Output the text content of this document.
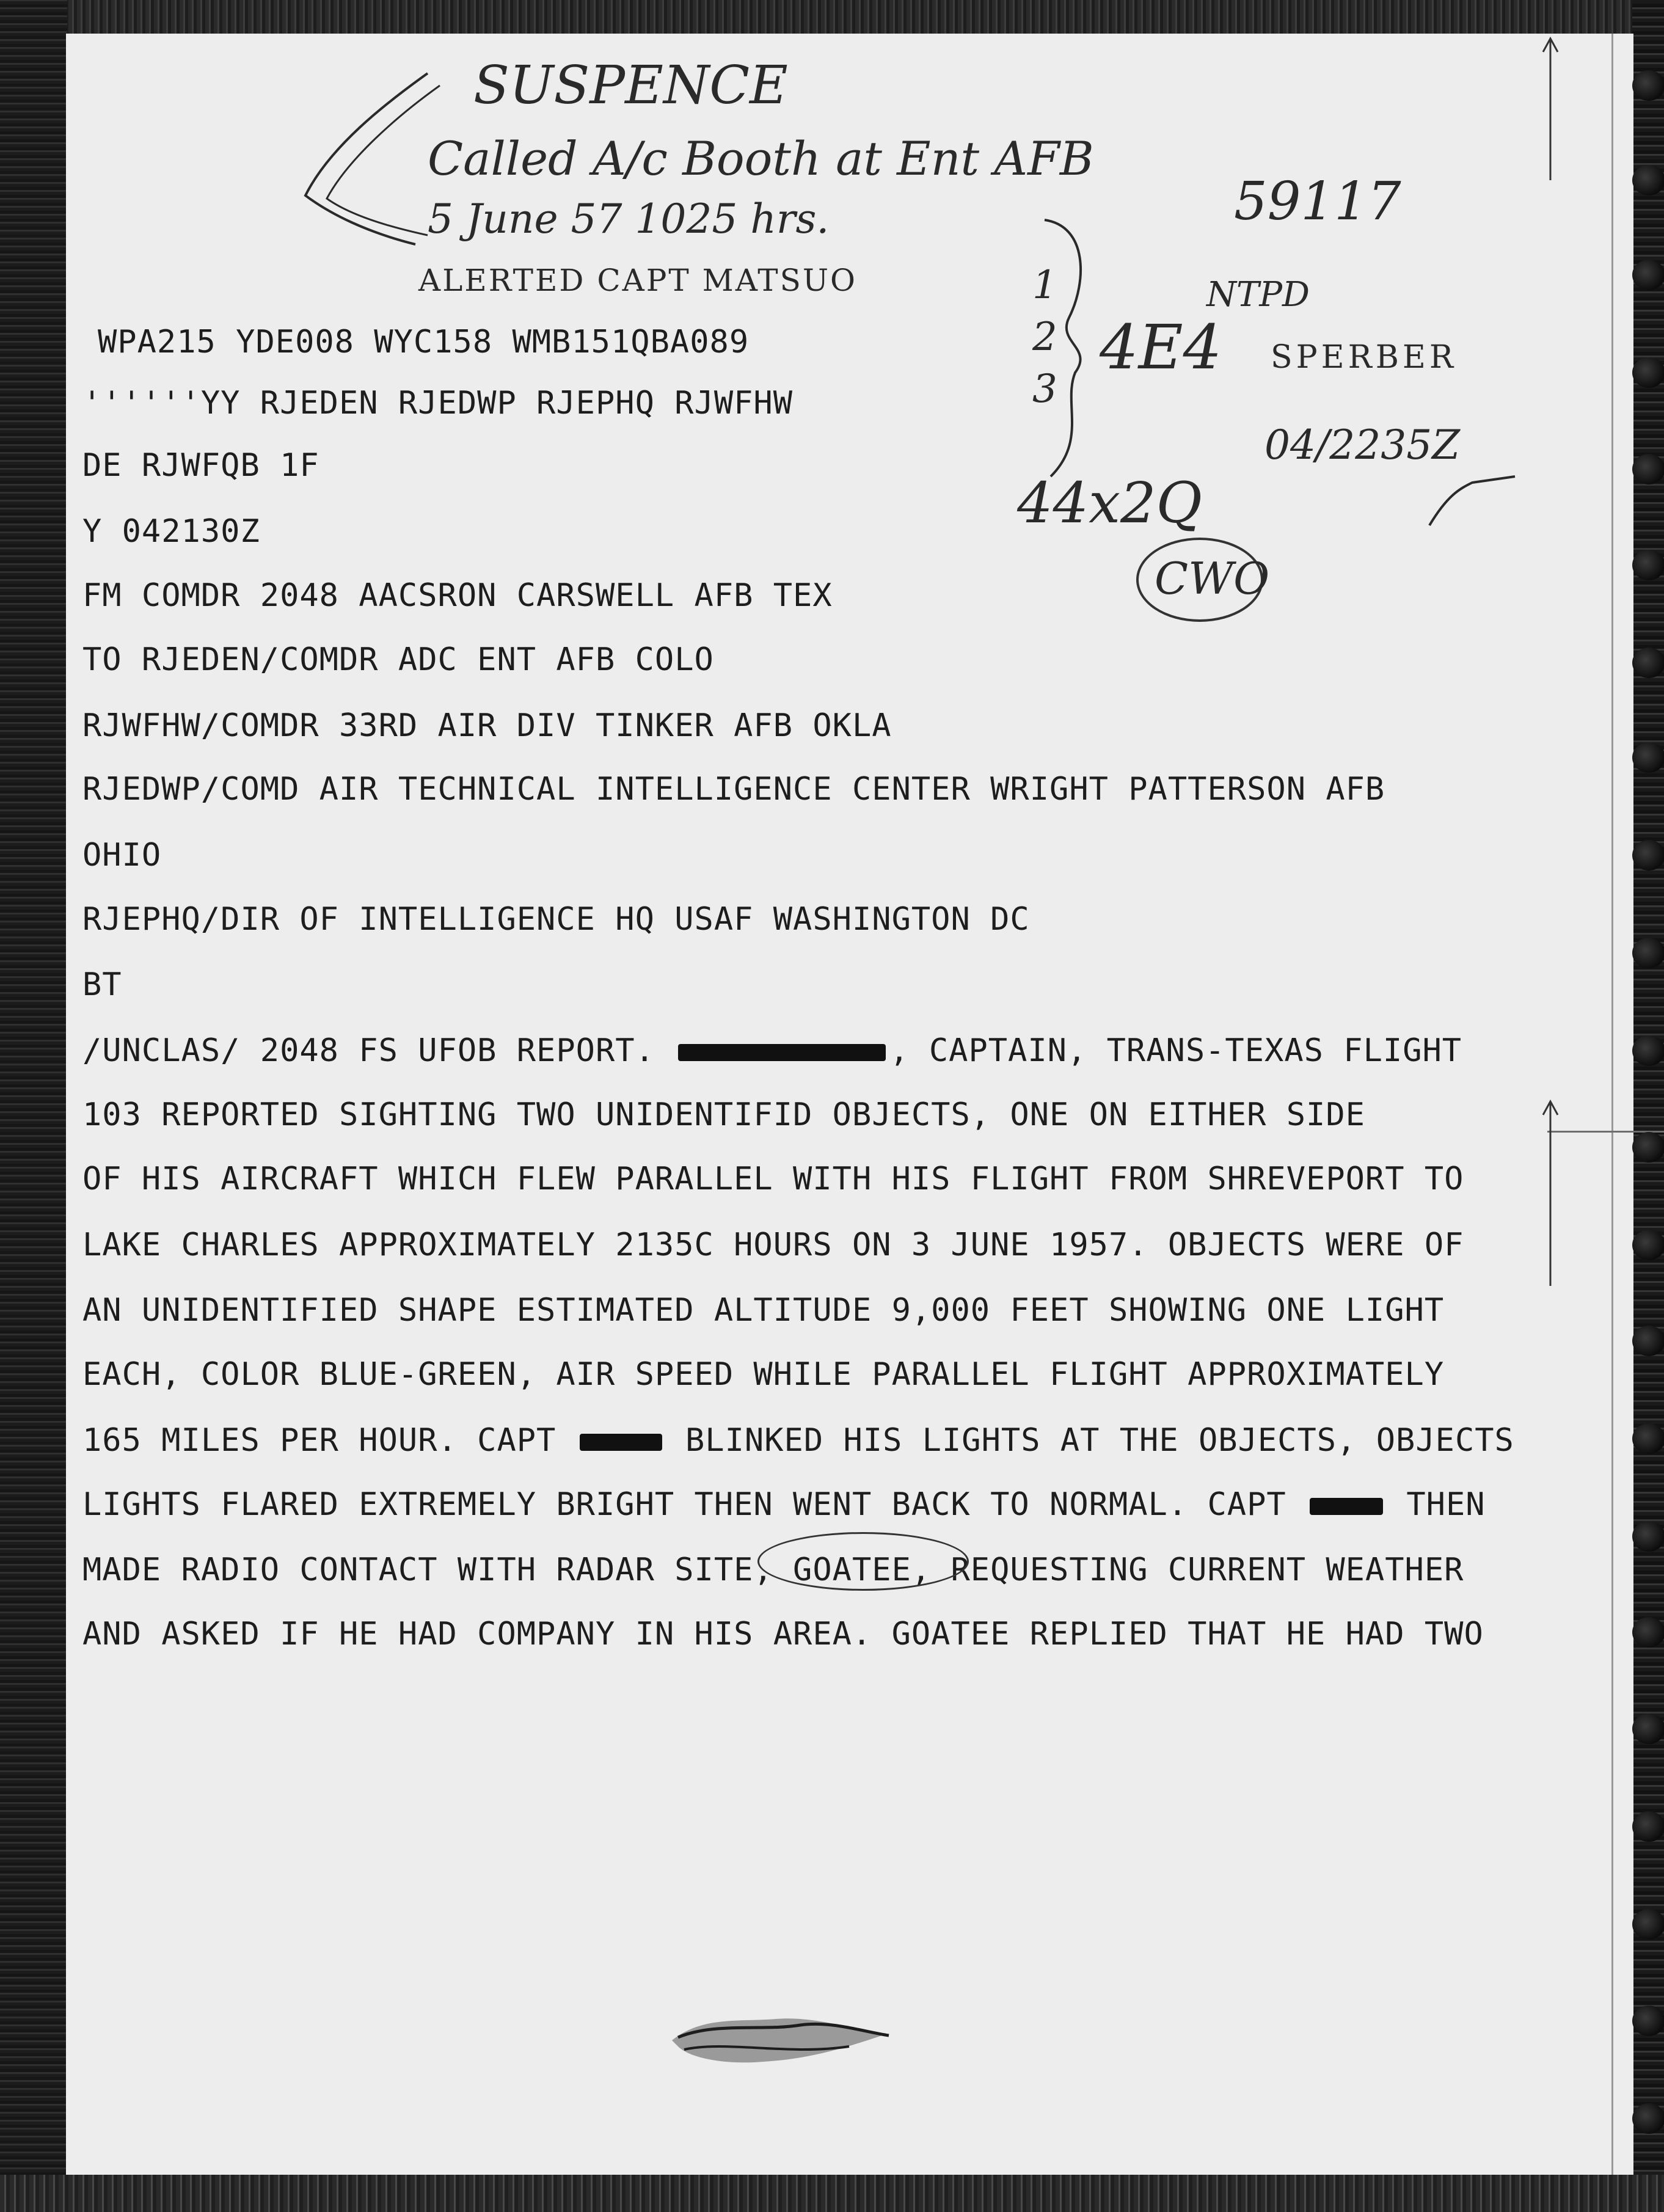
SUSPENCE
Called A/c Booth at Ent AFB
5 June 57 1025 hrs.
ALERTED CAPT MATSUO
59117
NTPD
1
2
3
4E4 SPERBER
04/2235Z
44x2Q
CWO
WPA215 YDE008 WYC158 WMB151QBA089
''''''YY RJEDEN RJEDWP RJEPHQ RJWFHW
DE RJWFQB 1F
Y 042130Z
FM COMDR 2048 AACSRON CARSWELL AFB TEX
TO RJEDEN/COMDR ADC ENT AFB COLO
RJWFHW/COMDR 33RD AIR DIV TINKER AFB OKLA
RJEDWP/COMD AIR TECHNICAL INTELLIGENCE CENTER WRIGHT PATTERSON AFB
OHIO
RJEPHQ/DIR OF INTELLIGENCE HQ USAF WASHINGTON DC
BT
/UNCLAS/ 2048 FS UFOB REPORT.	, CAPTAIN, TRANS-TEXAS FLIGHT
103 REPORTED SIGHTING TWO UNIDENTIFID OBJECTS, ONE ON EITHER SIDE
OF HIS AIRCRAFT WHICH FLEW PARALLEL WITH HIS FLIGHT FROM SHREVEPORT TO
LAKE CHARLES APPROXIMATELY 2135C HOURS ON 3 JUNE 1957. OBJECTS WERE OF
AN UNIDENTIFIED SHAPE ESTIMATED ALTITUDE 9,000 FEET SHOWING ONE LIGHT
EACH, COLOR BLUE-GREEN, AIR SPEED WHILE PARALLEL FLIGHT APPROXIMATELY
165 MILES PER HOUR. CAPT	BLINKED HIS LIGHTS AT THE OBJECTS, OBJECTS
LIGHTS FLARED EXTREMELY BRIGHT THEN WENT BACK TO NORMAL. CAPT	THEN
MADE RADIO CONTACT WITH RADAR SITE, GOATEE, REQUESTING CURRENT WEATHER
AND ASKED IF HE HAD COMPANY IN HIS AREA. GOATEE REPLIED THAT HE HAD TWO
